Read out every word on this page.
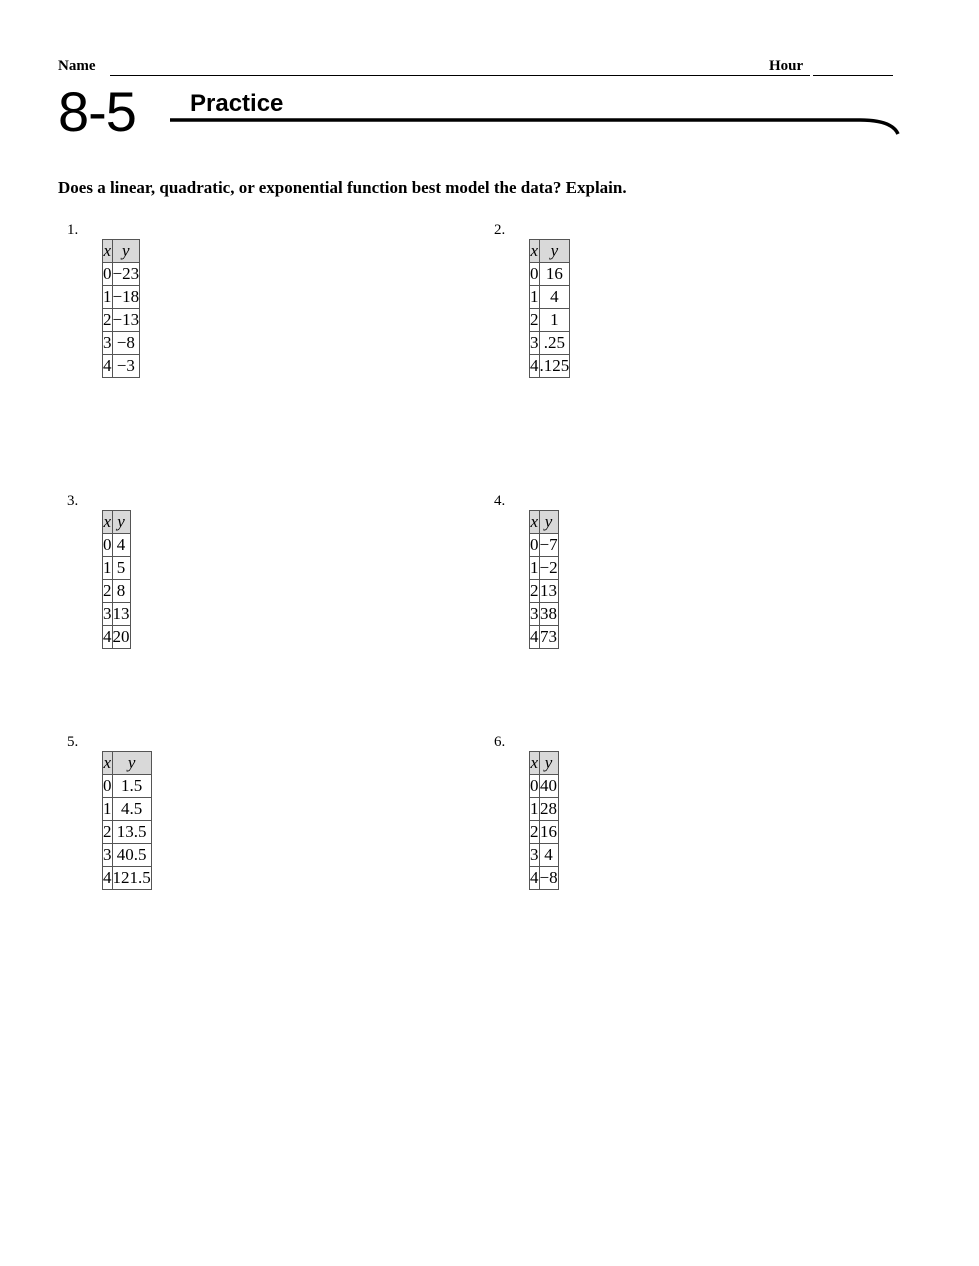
Name	Hour
8-5 Practice
Does a linear, quadratic, or exponential function best model the data? Explain.
1.
x	y
0	−23
1	−18
2	−13
3	−8
4	−3
2.
x	y
0	16
1	4
2	1
3	.25
4	.125
3.
x	y
0	4
1	5
2	8
3	13
4	20
4.
x	y
0	−7
1	−2
2	13
3	38
4	73
5.
x	y
0	1.5
1	4.5
2	13.5
3	40.5
4	121.5
6.
x	y
0	40
1	28
2	16
3	4
4	−8
